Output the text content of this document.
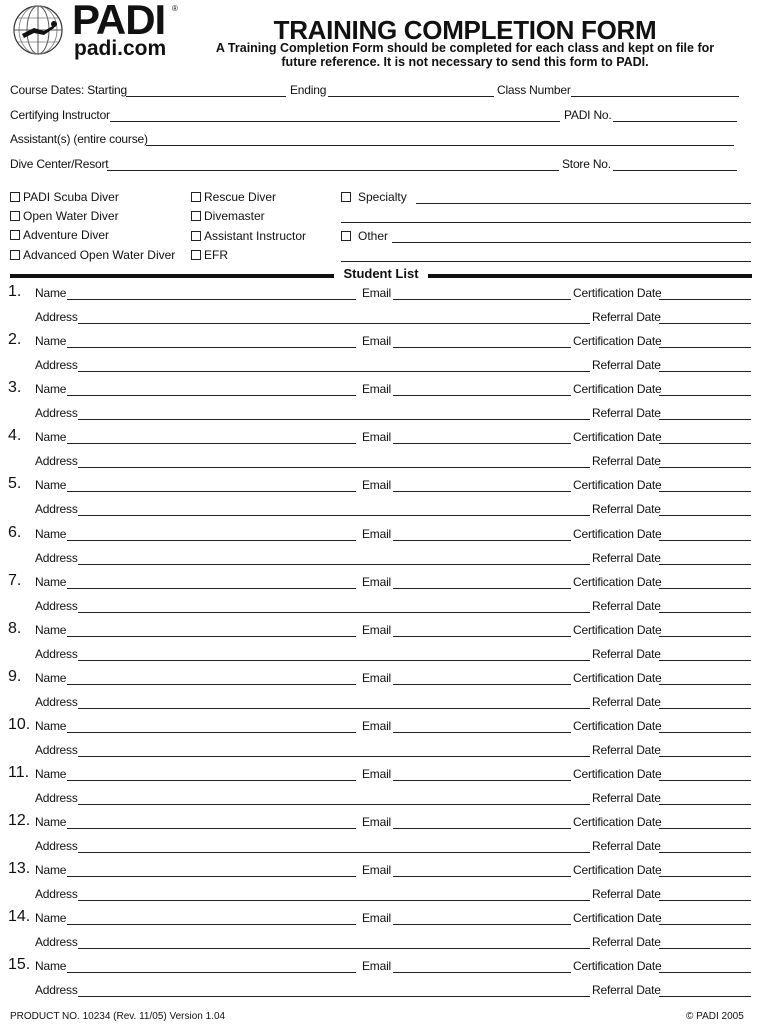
PADI ®
padi.com
TRAINING COMPLETION FORM
A Training Completion Form should be completed for each class and kept on file for
future reference. It is not necessary to send this form to PADI.
Course Dates: Starting	Ending	Class Number
Certifying Instructor	PADI No.
Assistant(s) (entire course)
Dive Center/Resort	Store No.
PADI Scuba Diver
Open Water Diver
Adventure Diver
Advanced Open Water Diver
Rescue Diver
Divemaster
Assistant Instructor
EFR
Specialty
Other
Student List
1. Name	Email	Certification Date
Address	Referral Date
2. Name	Email	Certification Date
Address	Referral Date
3. Name	Email	Certification Date
Address	Referral Date
4. Name	Email	Certification Date
Address	Referral Date
5. Name	Email	Certification Date
Address	Referral Date
6. Name	Email	Certification Date
Address	Referral Date
7. Name	Email	Certification Date
Address	Referral Date
8. Name	Email	Certification Date
Address	Referral Date
9. Name	Email	Certification Date
Address	Referral Date
10. Name	Email	Certification Date
Address	Referral Date
11. Name	Email	Certification Date
Address	Referral Date
12. Name	Email	Certification Date
Address	Referral Date
13. Name	Email	Certification Date
Address	Referral Date
14. Name	Email	Certification Date
Address	Referral Date
15. Name	Email	Certification Date
Address	Referral Date
PRODUCT NO. 10234 (Rev. 11/05) Version 1.04	© PADI 2005
